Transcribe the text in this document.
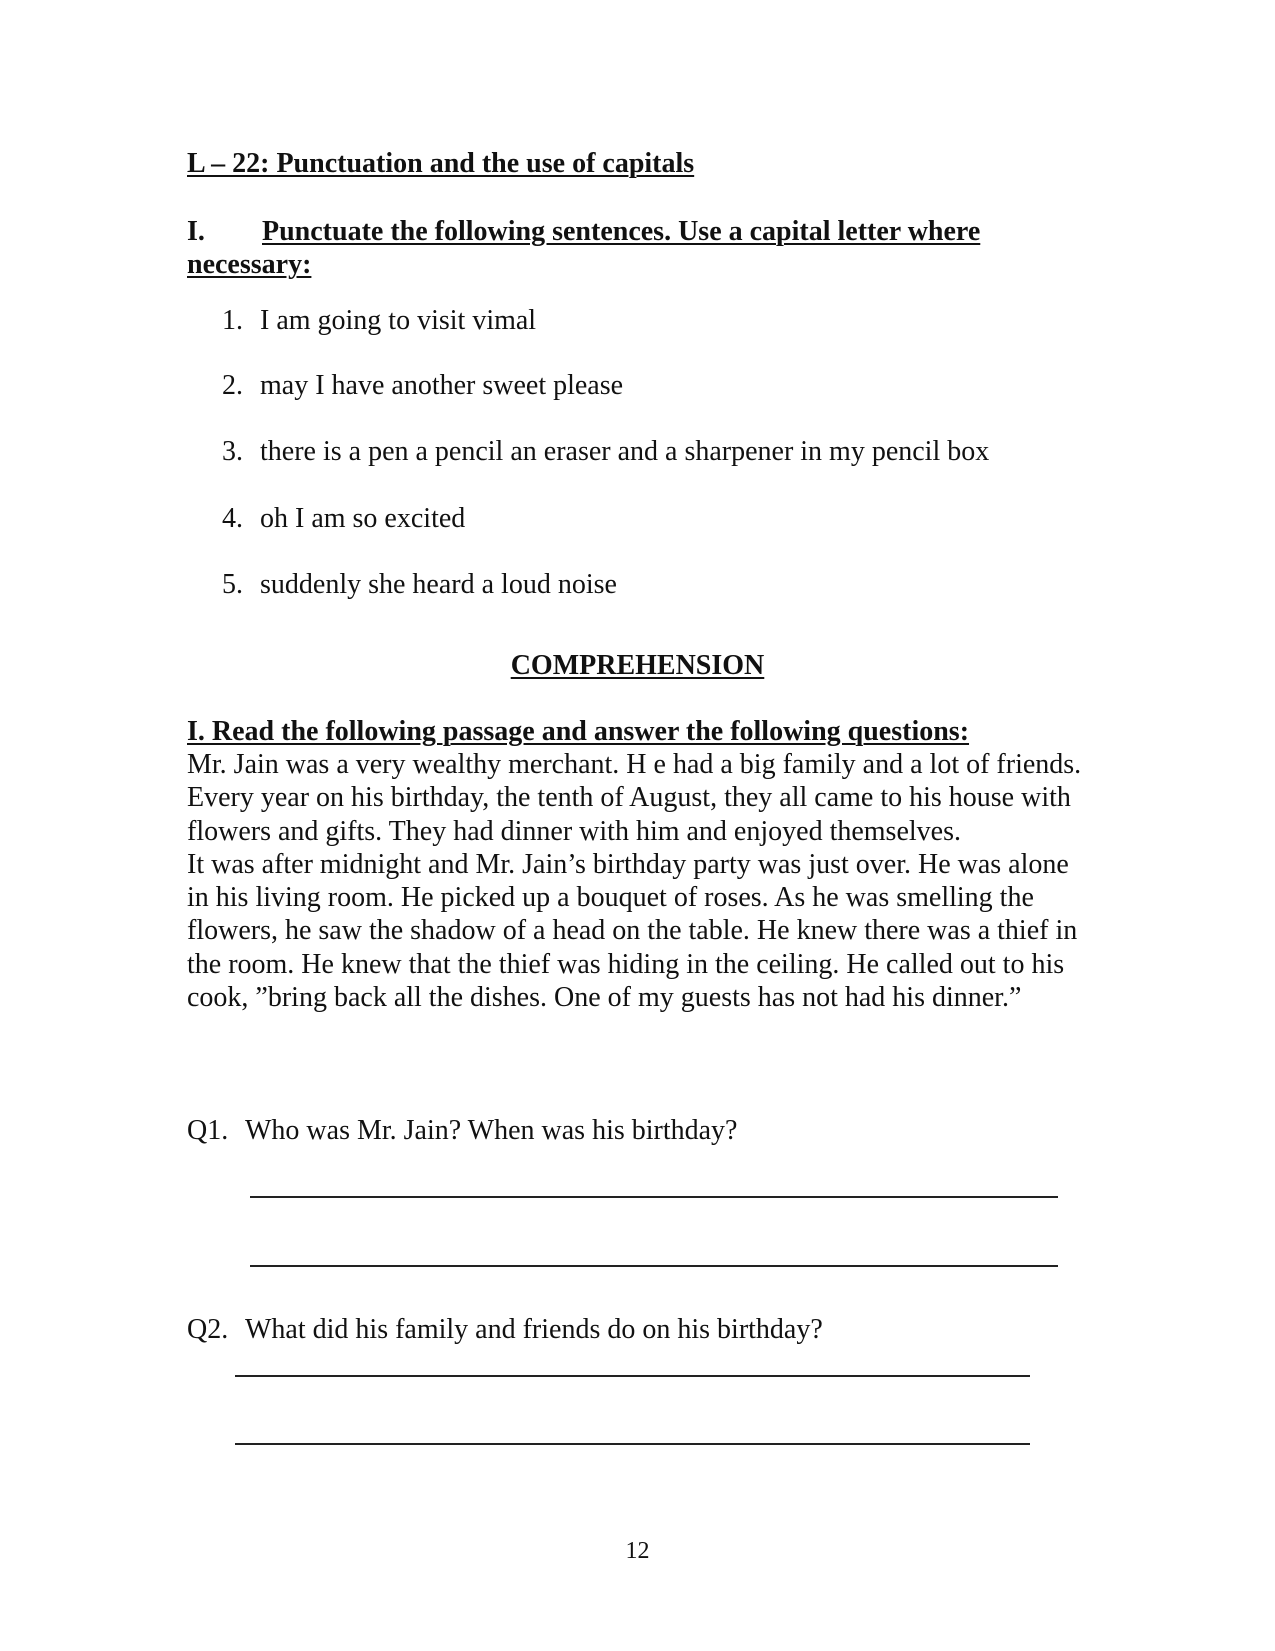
L – 22: Punctuation and the use of capitals
I. Punctuate the following sentences. Use a capital letter where necessary:
1. I am going to visit vimal
2. may I have another sweet please
3. there is a pen a pencil an eraser and a sharpener in my pencil box
4. oh I am so excited
5. suddenly she heard a loud noise
COMPREHENSION
I. Read the following passage and answer the following questions:

Mr. Jain was a very wealthy merchant. H e had a big family and a lot of friends. Every year on his birthday, the tenth of August, they all came to his house with flowers and gifts. They had dinner with him and enjoyed themselves.

It was after midnight and Mr. Jain’s birthday party was just over. He was alone in his living room. He picked up a bouquet of roses. As he was smelling the flowers, he saw the shadow of a head on the table. He knew there was a thief in the room. He knew that the thief was hiding in the ceiling. He called out to his cook, ”bring back all the dishes. One of my guests has not had his dinner.”

Q1. Who was Mr. Jain? When was his birthday?
Q2. What did his family and friends do on his birthday?
12
